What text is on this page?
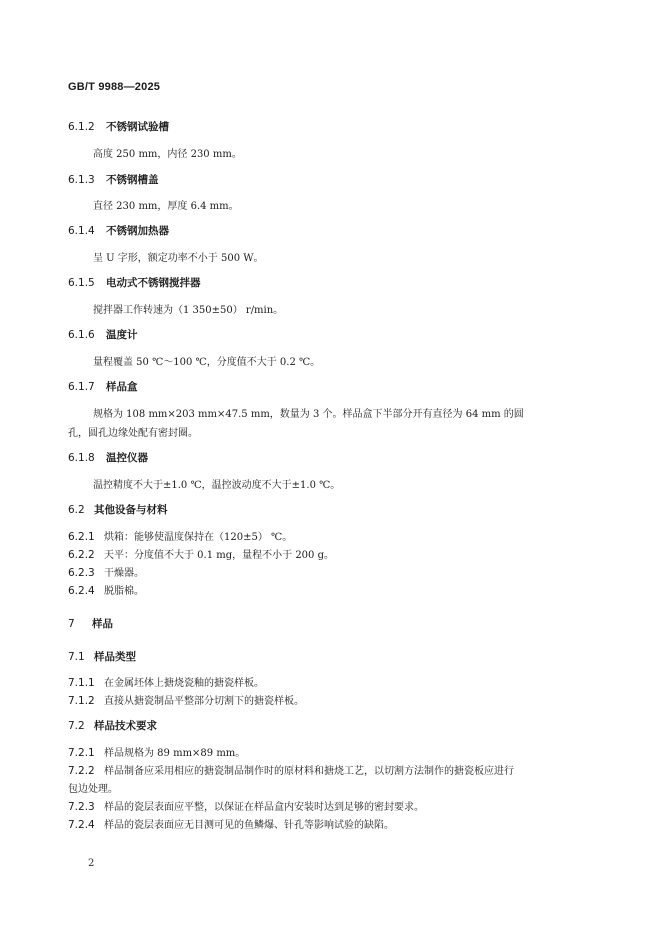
GB/T 9988—2025
6.1.2 不锈钢试验槽
高度 250 mm，内径 230 mm。
6.1.3 不锈钢槽盖
直径 230 mm，厚度 6.4 mm。
6.1.4 不锈钢加热器
呈 U 字形，额定功率不小于 500 W。
6.1.5 电动式不锈钢搅拌器
搅拌器工作转速为（1 350±50） r/min。
6.1.6 温度计
量程覆盖 50 ℃～100 ℃，分度值不大于 0.2 ℃。
6.1.7 样品盒
规格为 108 mm×203 mm×47.5 mm，数量为 3 个。样品盒下半部分开有直径为 64 mm 的圆
孔，圆孔边缘处配有密封圈。
6.1.8 温控仪器
温控精度不大于±1.0 ℃，温控波动度不大于±1.0 ℃。
6.2 其他设备与材料
6.2.1 烘箱：能够使温度保持在（120±5） ℃。
6.2.2 天平：分度值不大于 0.1 mg，量程不小于 200 g。
6.2.3 干燥器。
6.2.4 脱脂棉。
7 样品
7.1 样品类型
7.1.1 在金属坯体上搪烧瓷釉的搪瓷样板。
7.1.2 直接从搪瓷制品平整部分切割下的搪瓷样板。
7.2 样品技术要求
7.2.1 样品规格为 89 mm×89 mm。
7.2.2 样品制备应采用相应的搪瓷制品制作时的原材料和搪烧工艺，以切割方法制作的搪瓷板应进行
包边处理。
7.2.3 样品的瓷层表面应平整，以保证在样品盒内安装时达到足够的密封要求。
7.2.4 样品的瓷层表面应无目测可见的鱼鳞爆、针孔等影响试验的缺陷。
2
